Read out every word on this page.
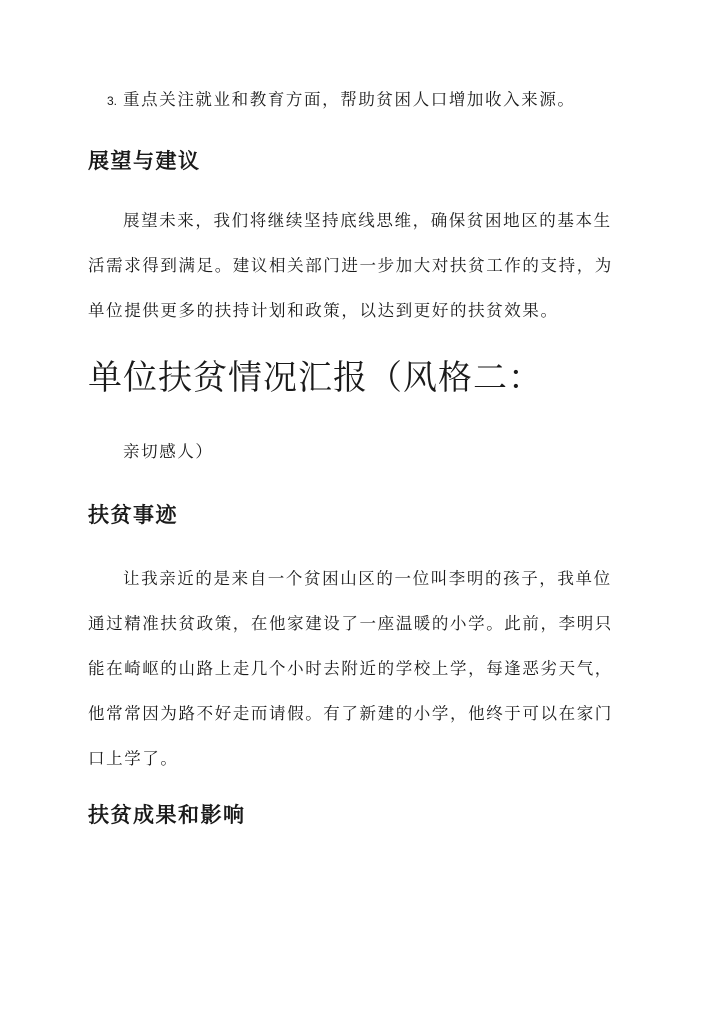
3. 重点关注就业和教育方面，帮助贫困人口增加收入来源。
展望与建议
展望未来，我们将继续坚持底线思维，确保贫困地区的基本生
活需求得到满足。建议相关部门进一步加大对扶贫工作的支持，为
单位提供更多的扶持计划和政策，以达到更好的扶贫效果。
单位扶贫情况汇报（风格二：
亲切感人）
扶贫事迹
让我亲近的是来自一个贫困山区的一位叫李明的孩子，我单位
通过精准扶贫政策，在他家建设了一座温暖的小学。此前，李明只
能在崎岖的山路上走几个小时去附近的学校上学，每逢恶劣天气，
他常常因为路不好走而请假。有了新建的小学，他终于可以在家门
口上学了。
扶贫成果和影响
